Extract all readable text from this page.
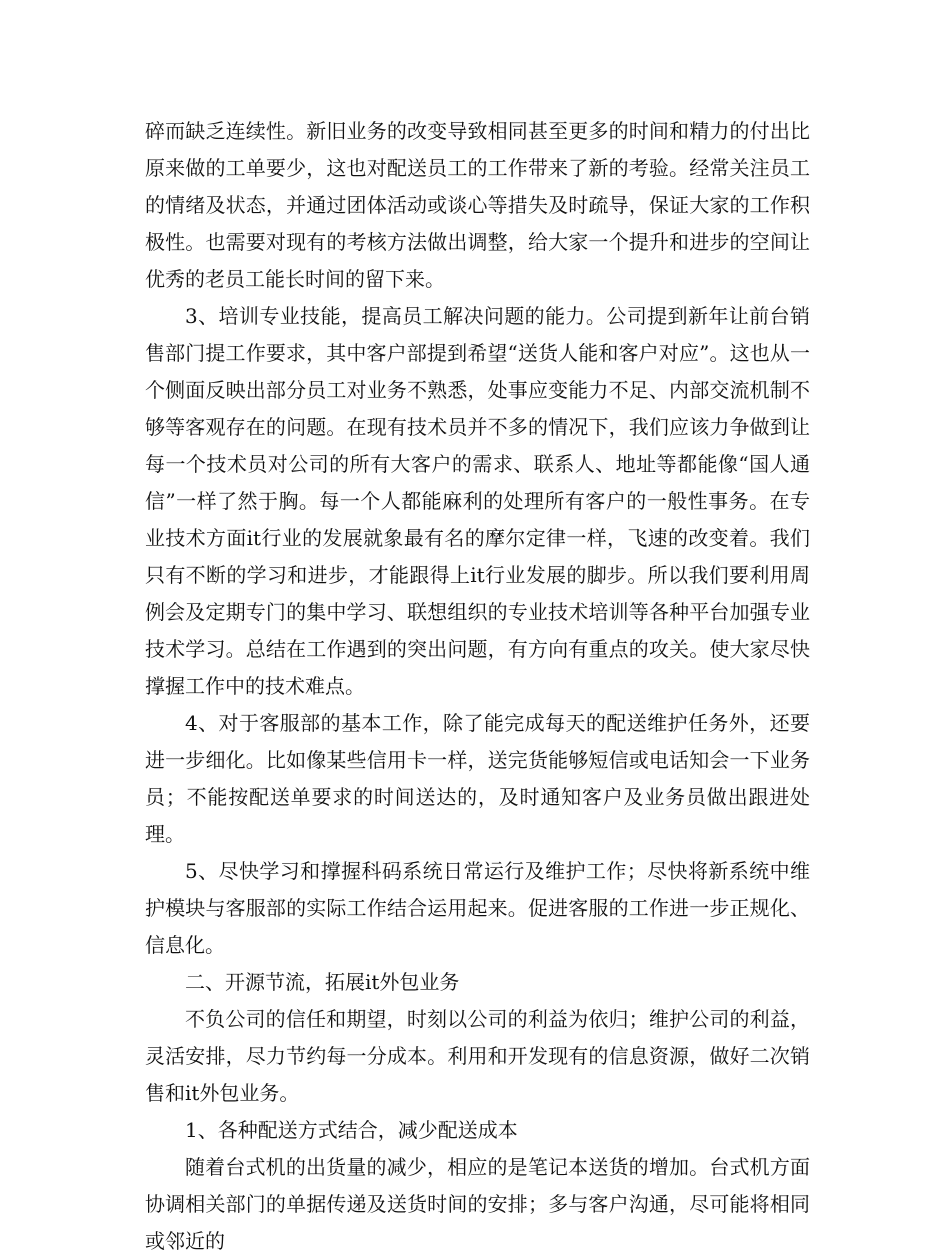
碎而缺乏连续性。新旧业务的改变导致相同甚至更多的时间和精力的付出比原来做的工单要少，这也对配送员工的工作带来了新的考验。经常关注员工的情绪及状态，并通过团体活动或谈心等措失及时疏导，保证大家的工作积极性。也需要对现有的考核方法做出调整，给大家一个提升和进步的空间让优秀的老员工能长时间的留下来。

3、培训专业技能，提高员工解决问题的能力。公司提到新年让前台销售部门提工作要求，其中客户部提到希望“送货人能和客户对应”。这也从一个侧面反映出部分员工对业务不熟悉，处事应变能力不足、内部交流机制不够等客观存在的问题。在现有技术员并不多的情况下，我们应该力争做到让每一个技术员对公司的所有大客户的需求、联系人、地址等都能像“国人通信”一样了然于胸。每一个人都能麻利的处理所有客户的一般性事务。在专业技术方面it行业的发展就象最有名的摩尔定律一样，飞速的改变着。我们只有不断的学习和进步，才能跟得上it行业发展的脚步。所以我们要利用周例会及定期专门的集中学习、联想组织的专业技术培训等各种平台加强专业技术学习。总结在工作遇到的突出问题，有方向有重点的攻关。使大家尽快撑握工作中的技术难点。

4、对于客服部的基本工作，除了能完成每天的配送维护任务外，还要进一步细化。比如像某些信用卡一样，送完货能够短信或电话知会一下业务员；不能按配送单要求的时间送达的，及时通知客户及业务员做出跟进处理。

5、尽快学习和撑握科码系统日常运行及维护工作；尽快将新系统中维护模块与客服部的实际工作结合运用起来。促进客服的工作进一步正规化、信息化。

二、开源节流，拓展it外包业务

不负公司的信任和期望，时刻以公司的利益为依归；维护公司的利益，灵活安排，尽力节约每一分成本。利用和开发现有的信息资源，做好二次销售和it外包业务。

1、各种配送方式结合，减少配送成本

随着台式机的出货量的减少，相应的是笔记本送货的增加。台式机方面协调相关部门的单据传递及送货时间的安排；多与客户沟通，尽可能将相同或邻近的
